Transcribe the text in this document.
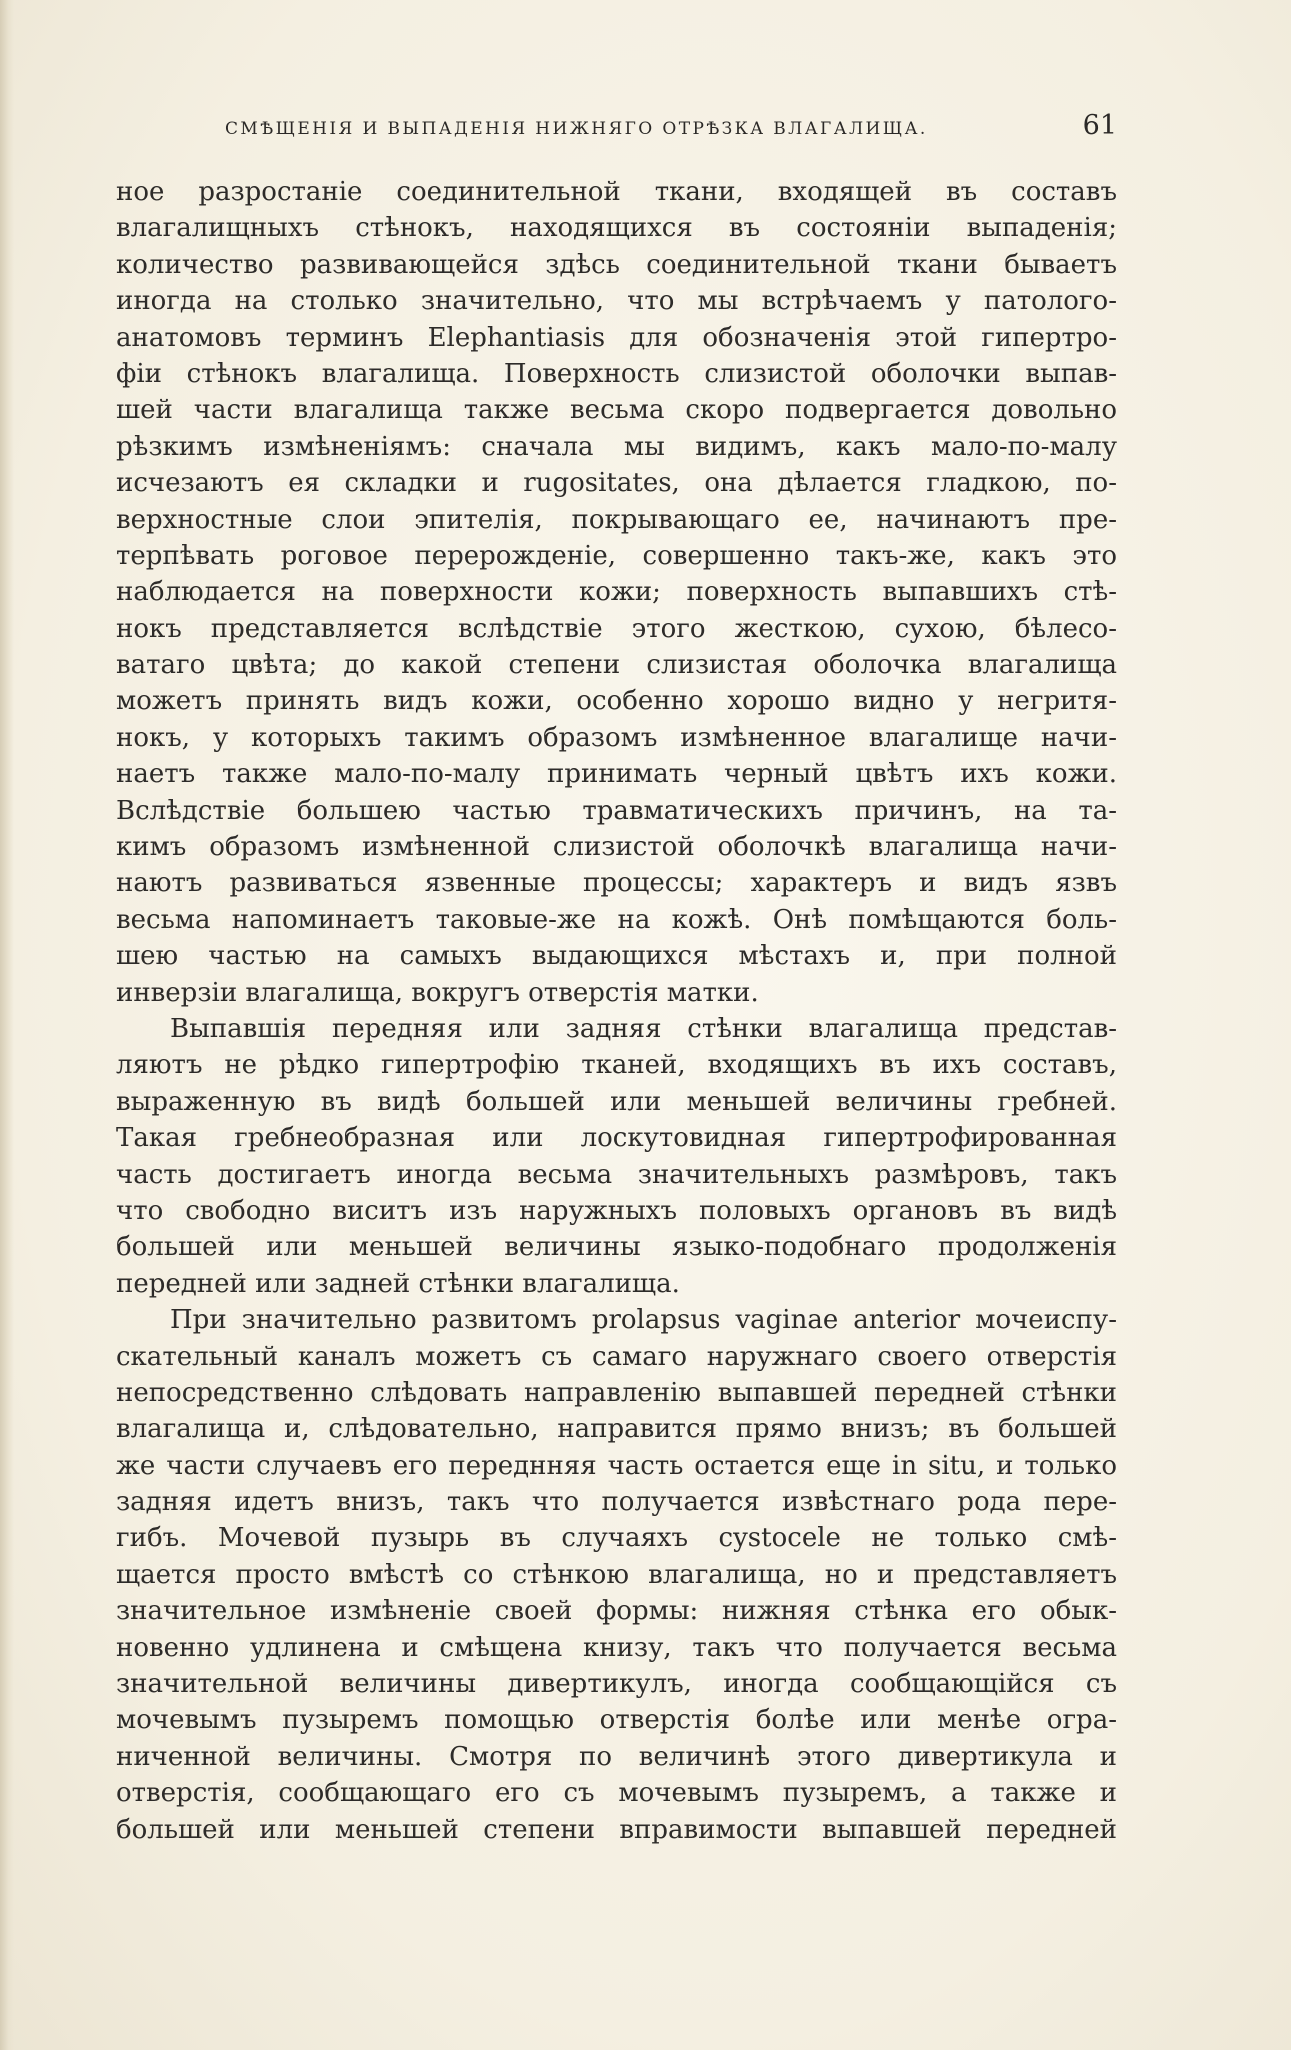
СМѢЩЕНІЯ И ВЫПАДЕНІЯ НИЖНЯГО ОТРѢЗКА ВЛАГАЛИЩА.	61
ное разростаніе соединительной ткани, входящей въ составъ
влагалищныхъ стѣнокъ, находящихся въ состояніи выпаденія;
количество развивающейся здѣсь соединительной ткани бываетъ
иногда на столько значительно, что мы встрѣчаемъ у патолого-
анатомовъ терминъ Elephantiasis для обозначенія этой гипертро-
фіи стѣнокъ влагалища. Поверхность слизистой оболочки выпав-
шей части влагалища также весьма скоро подвергается довольно
рѣзкимъ измѣненіямъ: сначала мы видимъ, какъ мало-по-малу
исчезаютъ ея складки и rugositates, она дѣлается гладкою, по-
верхностные слои эпителія, покрывающаго ее, начинаютъ пре-
терпѣвать роговое перерожденіе, совершенно такъ-же, какъ это
наблюдается на поверхности кожи; поверхность выпавшихъ стѣ-
нокъ представляется вслѣдствіе этого жесткою, сухою, бѣлесо-
ватаго цвѣта; до какой степени слизистая оболочка влагалища
можетъ принять видъ кожи, особенно хорошо видно у негритя-
нокъ, у которыхъ такимъ образомъ измѣненное влагалище начи-
наетъ также мало-по-малу принимать черный цвѣтъ ихъ кожи.
Вслѣдствіе большею частью травматическихъ причинъ, на та-
кимъ образомъ измѣненной слизистой оболочкѣ влагалища начи-
наютъ развиваться язвенные процессы; характеръ и видъ язвъ
весьма напоминаетъ таковые-же на кожѣ. Онѣ помѣщаются боль-
шею частью на самыхъ выдающихся мѣстахъ и, при полной
инверзіи влагалища, вокругъ отверстія матки.
Выпавшія передняя или задняя стѣнки влагалища представ-
ляютъ не рѣдко гипертрофію тканей, входящихъ въ ихъ составъ,
выраженную въ видѣ большей или меньшей величины гребней.
Такая гребнеобразная или лоскутовидная гипертрофированная
часть достигаетъ иногда весьма значительныхъ размѣровъ, такъ
что свободно виситъ изъ наружныхъ половыхъ органовъ въ видѣ
большей или меньшей величины языко-подобнаго продолженія
передней или задней стѣнки влагалища.
При значительно развитомъ prolapsus vaginae anterior мочеиспу-
скательный каналъ можетъ съ самаго наружнаго своего отверстія
непосредственно слѣдовать направленію выпавшей передней стѣнки
влагалища и, слѣдовательно, направится прямо внизъ; въ большей
же части случаевъ его переднняя часть остается еще in situ, и только
задняя идетъ внизъ, такъ что получается извѣстнаго рода пере-
гибъ. Мочевой пузырь въ случаяхъ cystocele не только смѣ-
щается просто вмѣстѣ со стѣнкою влагалища, но и представляетъ
значительное измѣненіе своей формы: нижняя стѣнка его обык-
новенно удлинена и смѣщена книзу, такъ что получается весьма
значительной величины дивертикулъ, иногда сообщающійся съ
мочевымъ пузыремъ помощью отверстія болѣе или менѣе огра-
ниченной величины. Смотря по величинѣ этого дивертикула и
отверстія, сообщающаго его съ мочевымъ пузыремъ, а также и
большей или меньшей степени вправимости выпавшей передней
